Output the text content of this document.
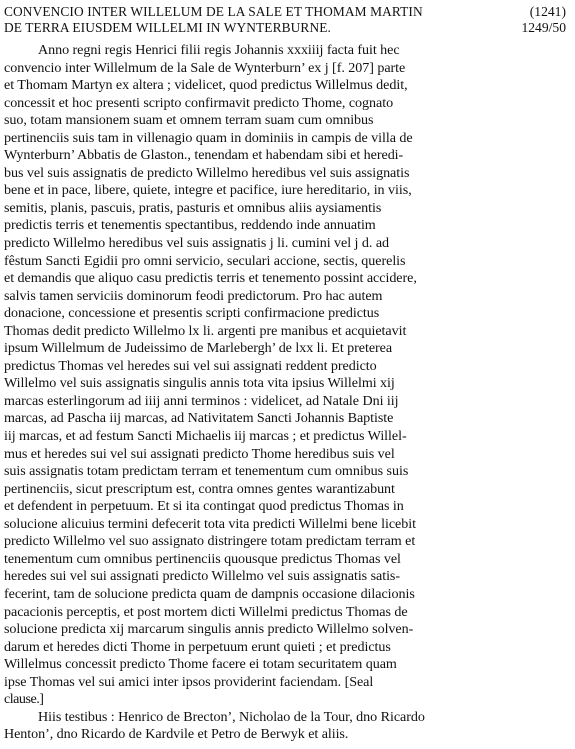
CONVENCIO INTER WILLELUM DE LA SALE ET THOMAM MARTIN
DE TERRA EIUSDEM WILLELMI IN WYNTERBURNE.
(1241)
1249/50
Anno regni regis Henrici filii regis Johannis xxxiiij facta fuit hec
convencio inter Willelmum de la Sale de Wynterburn’ ex j [f. 207] parte
et Thomam Martyn ex altera ; videlicet, quod predictus Willelmus dedit,
concessit et hoc presenti scripto confirmavit predicto Thome, cognato
suo, totam mansionem suam et omnem terram suam cum omnibus
pertinenciis suis tam in villenagio quam in dominiis in campis de villa de
Wynterburn’ Abbatis de Glaston., tenendam et habendam sibi et heredi-
bus vel suis assignatis de predicto Willelmo heredibus vel suis assignatis
bene et in pace, libere, quiete, integre et pacifice, iure hereditario, in viis,
semitis, planis, pascuis, pratis, pasturis et omnibus aliis aysiamentis
predictis terris et tenementis spectantibus, reddendo inde annuatim
predicto Willelmo heredibus vel suis assignatis j li. cumini vel j d. ad
fêstum Sancti Egidii pro omni servicio, seculari accione, sectis, querelis
et demandis que aliquo casu predictis terris et tenemento possint accidere,
salvis tamen serviciis dominorum feodi predictorum. Pro hac autem
donacione, concessione et presentis scripti confirmacione predictus
Thomas dedit predicto Willelmo lx li. argenti pre manibus et acquietavit
ipsum Willelmum de Judeissimo de Marlebergh’ de lxx li. Et preterea
predictus Thomas vel heredes sui vel sui assignati reddent predicto
Willelmo vel suis assignatis singulis annis tota vita ipsius Willelmi xij
marcas esterlingorum ad iiij anni terminos : videlicet, ad Natale Dni iij
marcas, ad Pascha iij marcas, ad Nativitatem Sancti Johannis Baptiste
iij marcas, et ad festum Sancti Michaelis iij marcas ; et predictus Willel-
mus et heredes sui vel sui assignati predicto Thome heredibus suis vel
suis assignatis totam predictam terram et tenementum cum omnibus suis
pertinenciis, sicut prescriptum est, contra omnes gentes warantizabunt
et defendent in perpetuum. Et si ita contingat quod predictus Thomas in
solucione alicuius termini defecerit tota vita predicti Willelmi bene licebit
predicto Willelmo vel suo assignato distringere totam predictam terram et
tenementum cum omnibus pertinenciis quousque predictus Thomas vel
heredes sui vel sui assignati predicto Willelmo vel suis assignatis satis-
fecerint, tam de solucione predicta quam de dampnis occasione dilacionis
pacacionis perceptis, et post mortem dicti Willelmi predictus Thomas de
solucione predicta xij marcarum singulis annis predicto Willelmo solven-
darum et heredes dicti Thome in perpetuum erunt quieti ; et predictus
Willelmus concessit predicto Thome facere ei totam securitatem quam
ipse Thomas vel sui amici inter ipsos providerint faciendam. [Seal
clause.]
Hiis testibus : Henrico de Brecton’, Nicholao de la Tour, dno Ricardo
Henton’, dno Ricardo de Kardvile et Petro de Berwyk et aliis.
